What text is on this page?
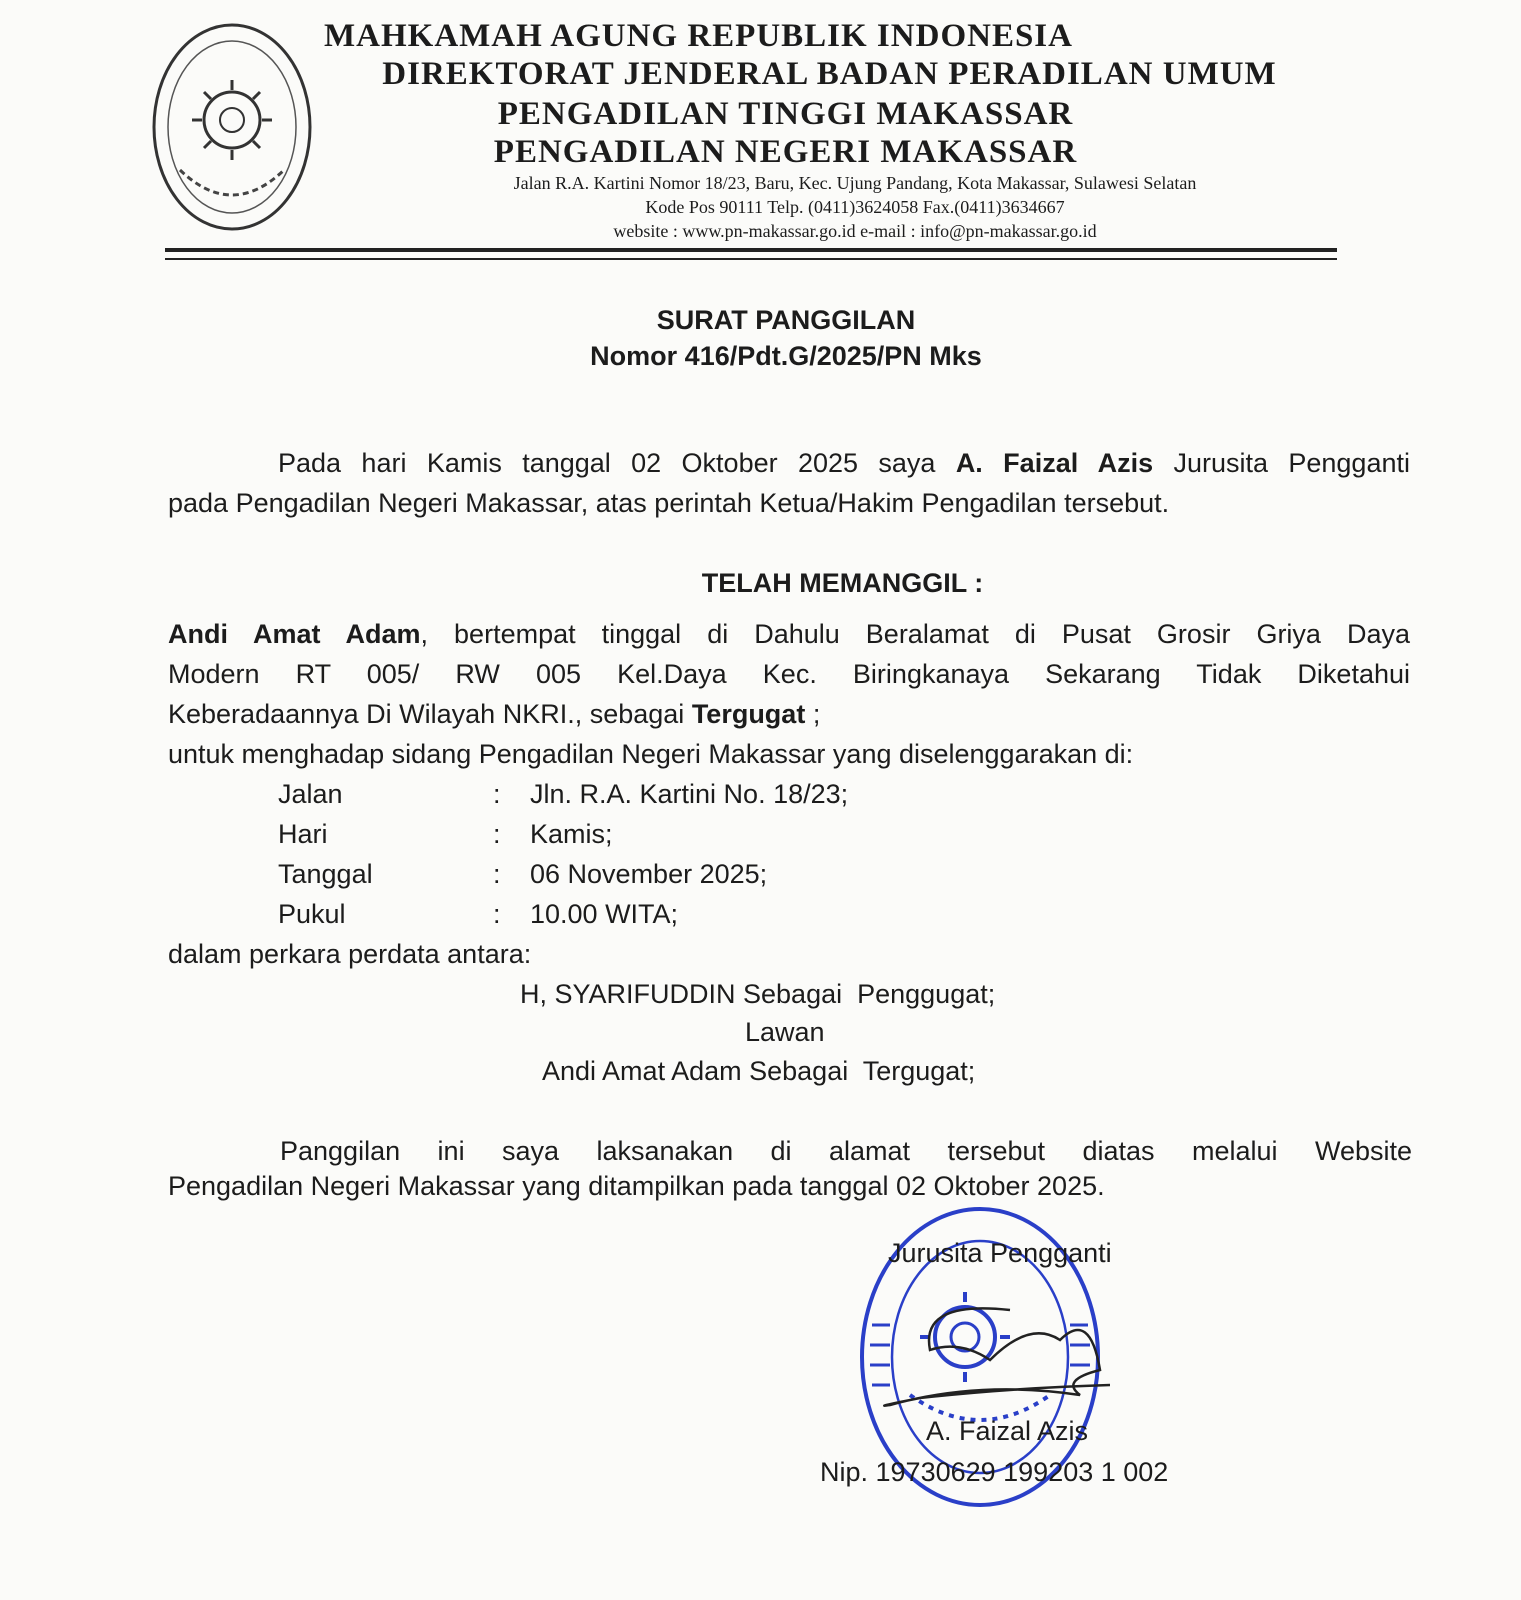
MAHKAMAH AGUNG REPUBLIK INDONESIA
DIREKTORAT JENDERAL BADAN PERADILAN UMUM
PENGADILAN TINGGI MAKASSAR
PENGADILAN NEGERI MAKASSAR
Jalan R.A. Kartini Nomor 18/23, Baru, Kec. Ujung Pandang, Kota Makassar, Sulawesi Selatan
Kode Pos 90111 Telp. (0411)3624058 Fax.(0411)3634667
website : www.pn-makassar.go.id e-mail : info@pn-makassar.go.id
SURAT PANGGILAN
Nomor 416/Pdt.G/2025/PN Mks
Pada hari Kamis tanggal 02 Oktober 2025 saya A. Faizal Azis Jurusita Pengganti
pada Pengadilan Negeri Makassar, atas perintah Ketua/Hakim Pengadilan tersebut.
TELAH MEMANGGIL :
Andi Amat Adam, bertempat tinggal di Dahulu Beralamat di Pusat Grosir Griya Daya
Modern RT 005/ RW 005 Kel.Daya Kec. Biringkanaya Sekarang Tidak Diketahui
Keberadaannya Di Wilayah NKRI., sebagai Tergugat ;
untuk menghadap sidang Pengadilan Negeri Makassar yang diselenggarakan di:
Jalan	: Jln. R.A. Kartini No. 18/23;
Hari	: Kamis;
Tanggal	: 06 November 2025;
Pukul	: 10.00 WITA;
dalam perkara perdata antara:
H, SYARIFUDDIN Sebagai  Penggugat;
Lawan
Andi Amat Adam Sebagai  Tergugat;
Panggilan ini saya laksanakan di alamat tersebut diatas melalui Website
Pengadilan Negeri Makassar yang ditampilkan pada tanggal 02 Oktober 2025.
Jurusita Pengganti
A. Faizal Azis
Nip. 19730629 199203 1 002
